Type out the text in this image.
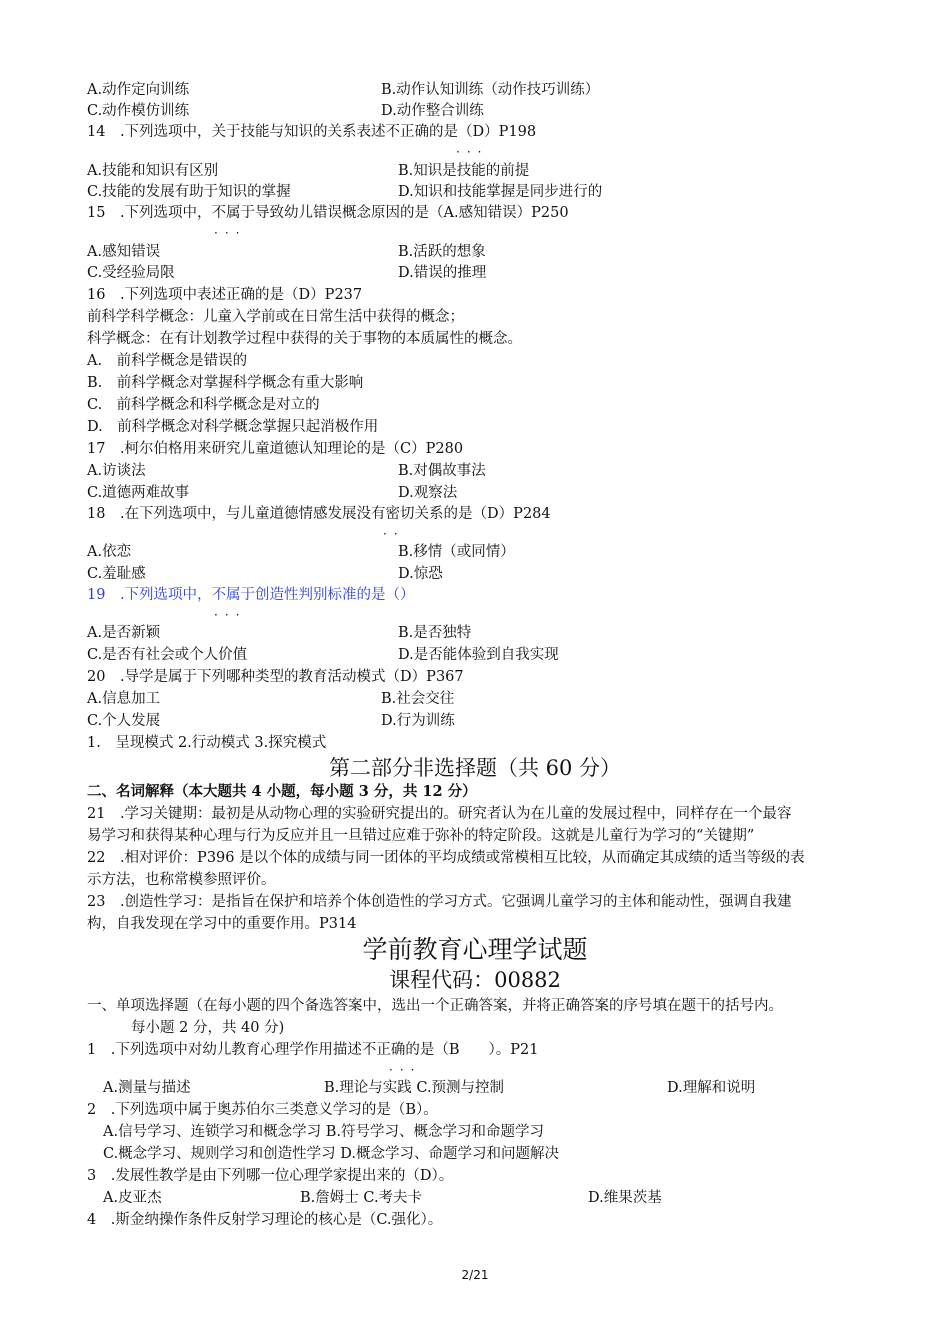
A.动作定向训练	B.动作认知训练（动作技巧训练）
C.动作模仿训练	D.动作整合训练
14　.下列选项中，关于技能与知识的关系表述不正确的是（D）P198
···
A.技能和知识有区别	B.知识是技能的前提
C.技能的发展有助于知识的掌握	D.知识和技能掌握是同步进行的
15　.下列选项中，不属于导致幼儿错误概念原因的是（A.感知错误）P250
···
A.感知错误	B.活跃的想象
C.受经验局限	D.错误的推理
16　.下列选项中表述正确的是（D）P237
前科学科学概念：儿童入学前或在日常生活中获得的概念；
科学概念：在有计划教学过程中获得的关于事物的本质属性的概念。
A.　前科学概念是错误的
B.　前科学概念对掌握科学概念有重大影响
C.　前科学概念和科学概念是对立的
D.　前科学概念对科学概念掌握只起消极作用
17　.柯尔伯格用来研究儿童道德认知理论的是（C）P280
A.访谈法	B.对偶故事法
C.道德两难故事	D.观察法
18　.在下列选项中，与儿童道德情感发展没有密切关系的是（D）P284
··
A.依恋	B.移情（或同情）
C.羞耻感	D.惊恐
19　.下列选项中，不属于创造性判别标准的是（）
···
A.是否新颖	B.是否独特
C.是否有社会或个人价值	D.是否能体验到自我实现
20　.导学是属于下列哪种类型的教育活动模式（D）P367
A.信息加工	B.社会交往
C.个人发展	D.行为训练
1.　呈现模式 2.行动模式 3.探究模式
第二部分非选择题（共 60 分）
二、名词解释（本大题共 4 小题，每小题 3 分，共 12 分）
21　.学习关键期：最初是从动物心理的实验研究提出的。研究者认为在儿童的发展过程中，同样存在一个最容
易学习和获得某种心理与行为反应并且一旦错过应难于弥补的特定阶段。这就是儿童行为学习的“关键期”
22　.相对评价：P396 是以个体的成绩与同一团体的平均成绩或常模相互比较，从而确定其成绩的适当等级的表
示方法，也称常模参照评价。
23　.创造性学习：是指旨在保护和培养个体创造性的学习方式。它强调儿童学习的主体和能动性，强调自我建
构，自我发现在学习中的重要作用。P314
学前教育心理学试题
课程代码：00882
一、单项选择题（在每小题的四个备选答案中，选出一个正确答案，并将正确答案的序号填在题干的括号内。
每小题 2 分，共 40 分)
1　.下列选项中对幼儿教育心理学作用描述不正确的是（B　　）。P21
···
A.测量与描述	B.理论与实践 C.预测与控制	D.理解和说明
2　.下列选项中属于奥苏伯尔三类意义学习的是（B）。
A.信号学习、连锁学习和概念学习 B.符号学习、概念学习和命题学习
C.概念学习、规则学习和创造性学习 D.概念学习、命题学习和问题解决
3　.发展性教学是由下列哪一位心理学家提出来的（D）。
A.皮亚杰	B.詹姆士 C.考夫卡	D.维果茨基
4　.斯金纳操作条件反射学习理论的核心是（C.强化）。
2/21
